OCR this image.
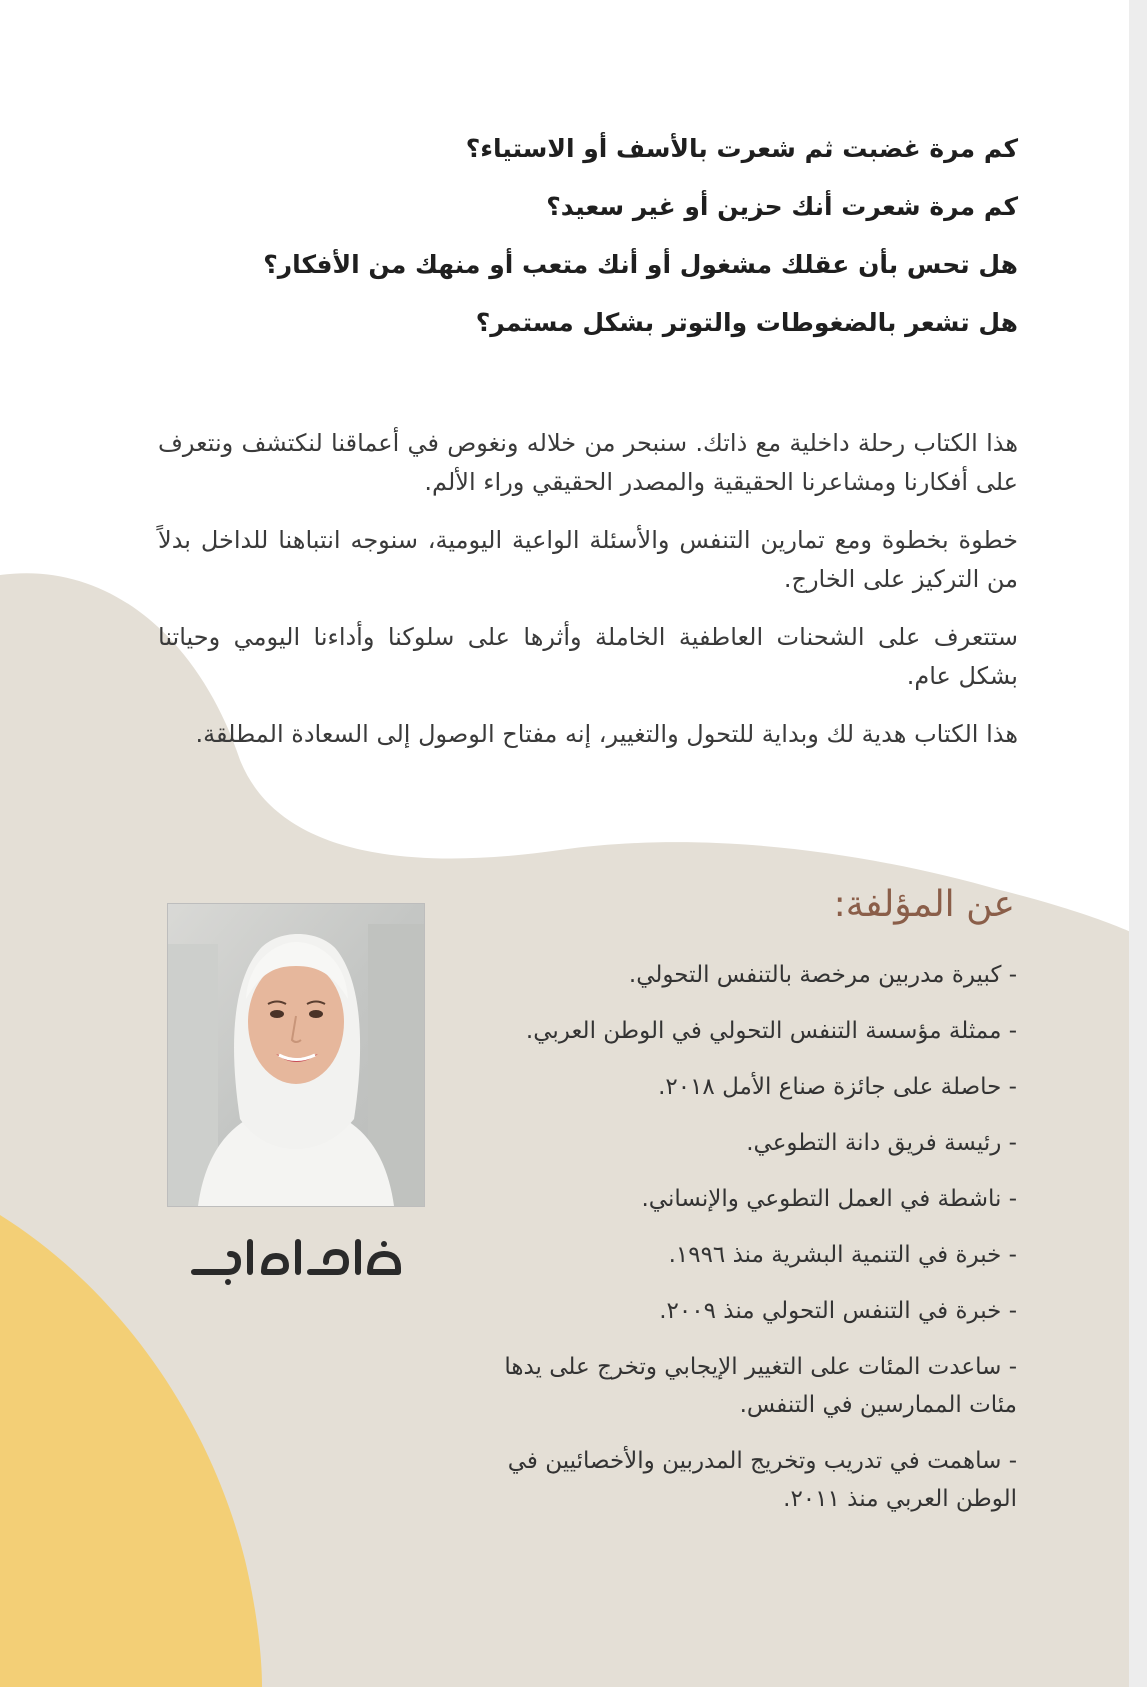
كم مرة غضبت ثم شعرت بالأسف أو الاستياء؟

كم مرة شعرت أنك حزين أو غير سعيد؟

هل تحس بأن عقلك مشغول أو أنك متعب أو منهك من الأفكار؟

هل تشعر بالضغوطات والتوتر بشكل مستمر؟

هذا الكتاب رحلة داخلية مع ذاتك. سنبحر من خلاله ونغوص في أعماقنا لنكتشف ونتعرف على أفكارنا ومشاعرنا الحقيقية والمصدر الحقيقي وراء الألم.

خطوة بخطوة ومع تمارين التنفس والأسئلة الواعية اليومية، سنوجه انتباهنا للداخل بدلاً من التركيز على الخارج.

ستتعرف على الشحنات العاطفية الخاملة وأثرها على سلوكنا وأداءنا اليومي وحياتنا بشكل عام.

هذا الكتاب هدية لك وبداية للتحول والتغيير، إنه مفتاح الوصول إلى السعادة المطلقة.

عن المؤلفة:

- كبيرة مدربين مرخصة بالتنفس التحولي.

- ممثلة مؤسسة التنفس التحولي في الوطن العربي.

- حاصلة على جائزة صناع الأمل ٢٠١٨.

- رئيسة فريق دانة التطوعي.

- ناشطة في العمل التطوعي والإنساني.

- خبرة في التنمية البشرية منذ ١٩٩٦.

- خبرة في التنفس التحولي منذ ٢٠٠٩.

- ساعدت المئات على التغيير الإيجابي وتخرج على يدها مئات الممارسين في التنفس.

- ساهمت في تدريب وتخريج المدربين والأخصائيين في الوطن العربي منذ ٢٠١١.
